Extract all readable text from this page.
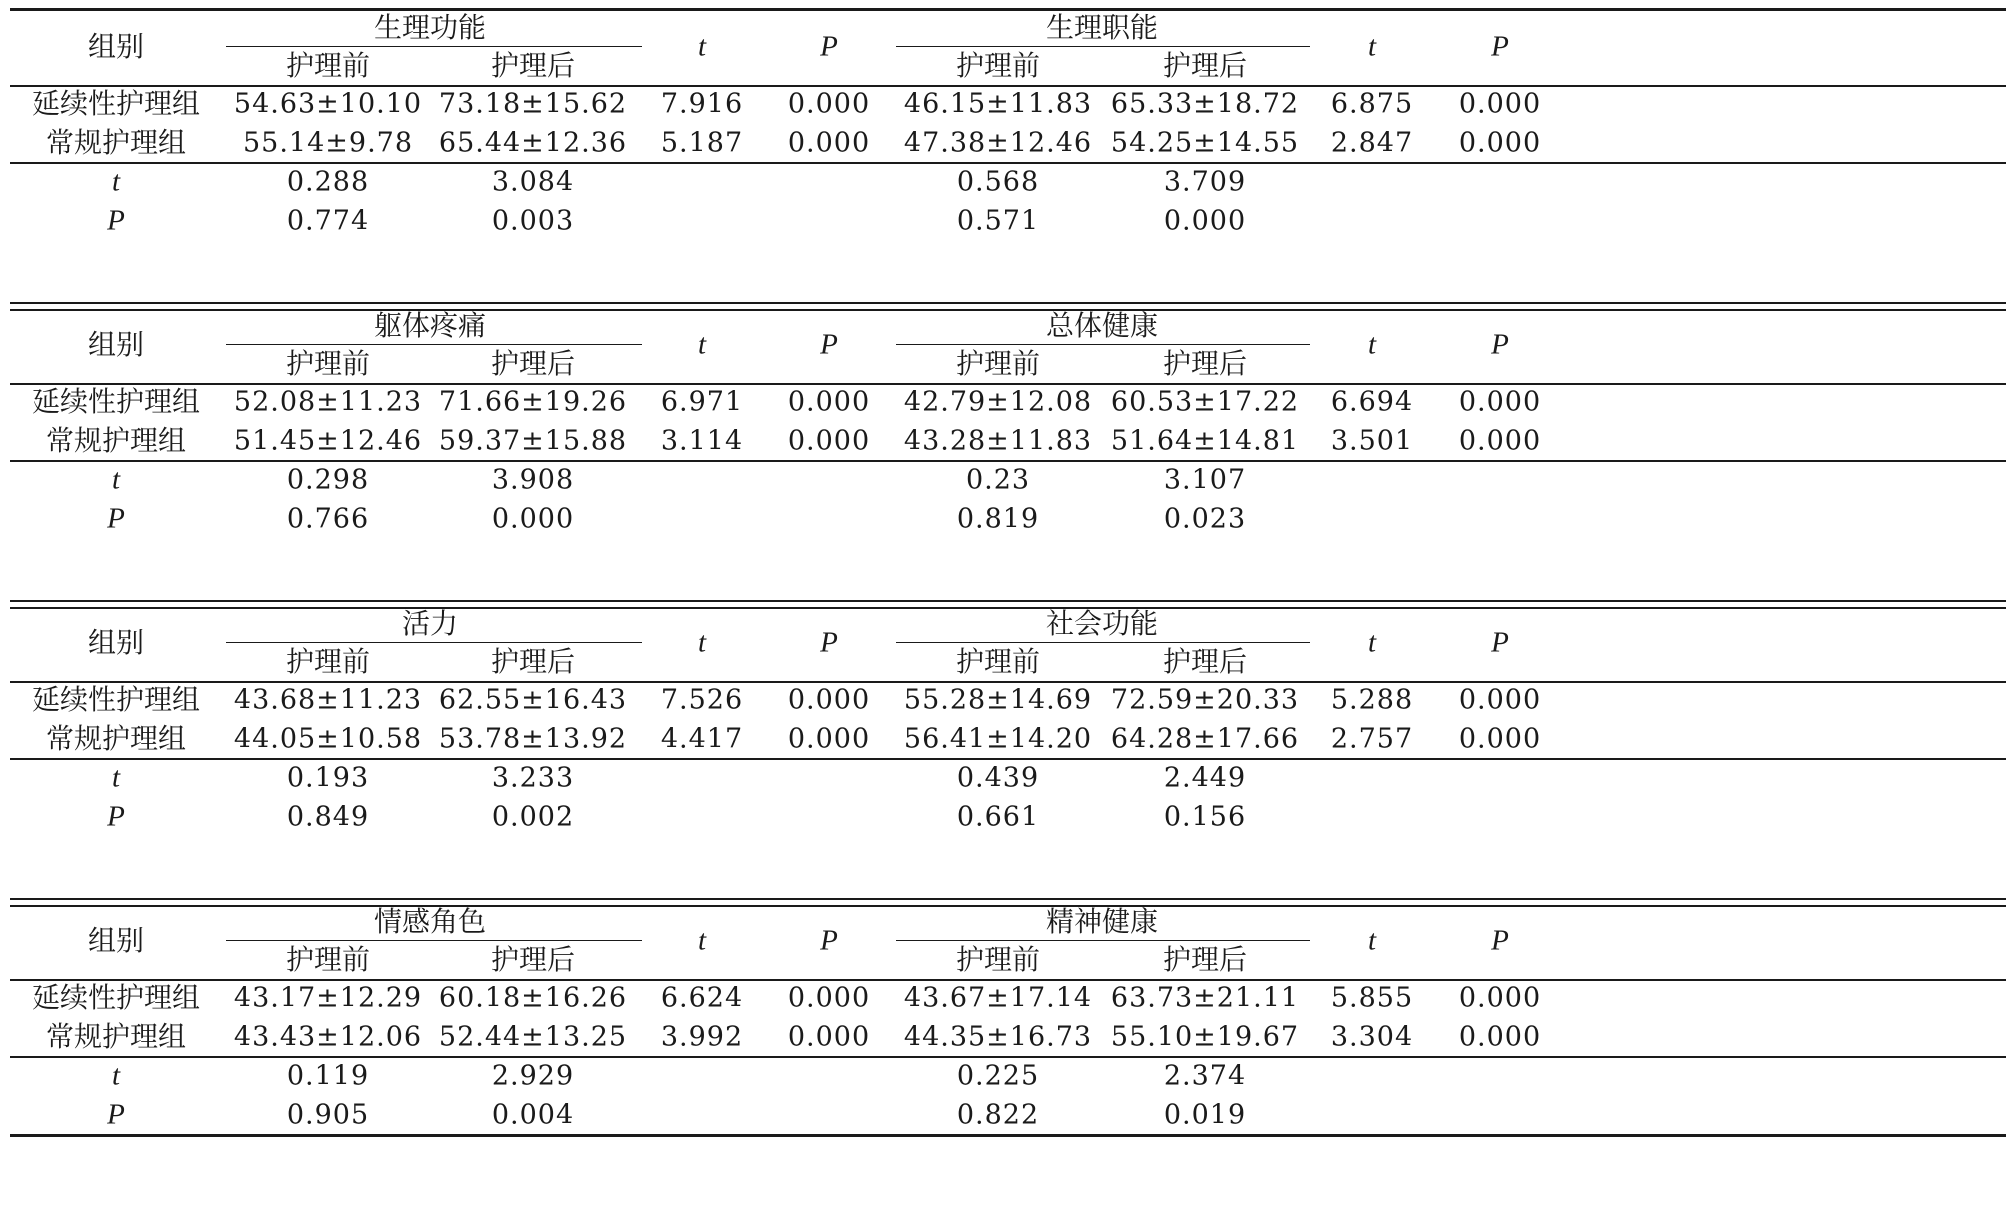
组别
生理功能	生理职能
护理前	护理后	护理前	护理后
t	P	t	P
延续性护理组 54.63±10.10 73.18±15.62 7.916 0.000 46.15±11.83 65.33±18.72 6.875 0.000
常规护理组 55.14±9.78 65.44±12.36 5.187 0.000 47.38±12.46 54.25±14.55 2.847 0.000
t	0.288	3.084	0.568	3.709
P	0.774	0.003	0.571	0.000
组别
躯体疼痛	总体健康
护理前	护理后	护理前	护理后
t	P	t	P
延续性护理组 52.08±11.23 71.66±19.26 6.971 0.000 42.79±12.08 60.53±17.22 6.694 0.000
常规护理组 51.45±12.46 59.37±15.88 3.114 0.000 43.28±11.83 51.64±14.81 3.501 0.000
t	0.298	3.908	0.23	3.107
P	0.766	0.000	0.819	0.023
组别
活力	社会功能
护理前	护理后	护理前	护理后
t	P	t	P
延续性护理组 43.68±11.23 62.55±16.43 7.526 0.000 55.28±14.69 72.59±20.33 5.288 0.000
常规护理组 44.05±10.58 53.78±13.92 4.417 0.000 56.41±14.20 64.28±17.66 2.757 0.000
t	0.193	3.233	0.439	2.449
P	0.849	0.002	0.661	0.156
组别
情感角色	精神健康
护理前	护理后	护理前	护理后
t	P	t	P
延续性护理组 43.17±12.29 60.18±16.26 6.624 0.000 43.67±17.14 63.73±21.11 5.855 0.000
常规护理组 43.43±12.06 52.44±13.25 3.992 0.000 44.35±16.73 55.10±19.67 3.304 0.000
t	0.119	2.929	0.225	2.374
P	0.905	0.004	0.822	0.019
